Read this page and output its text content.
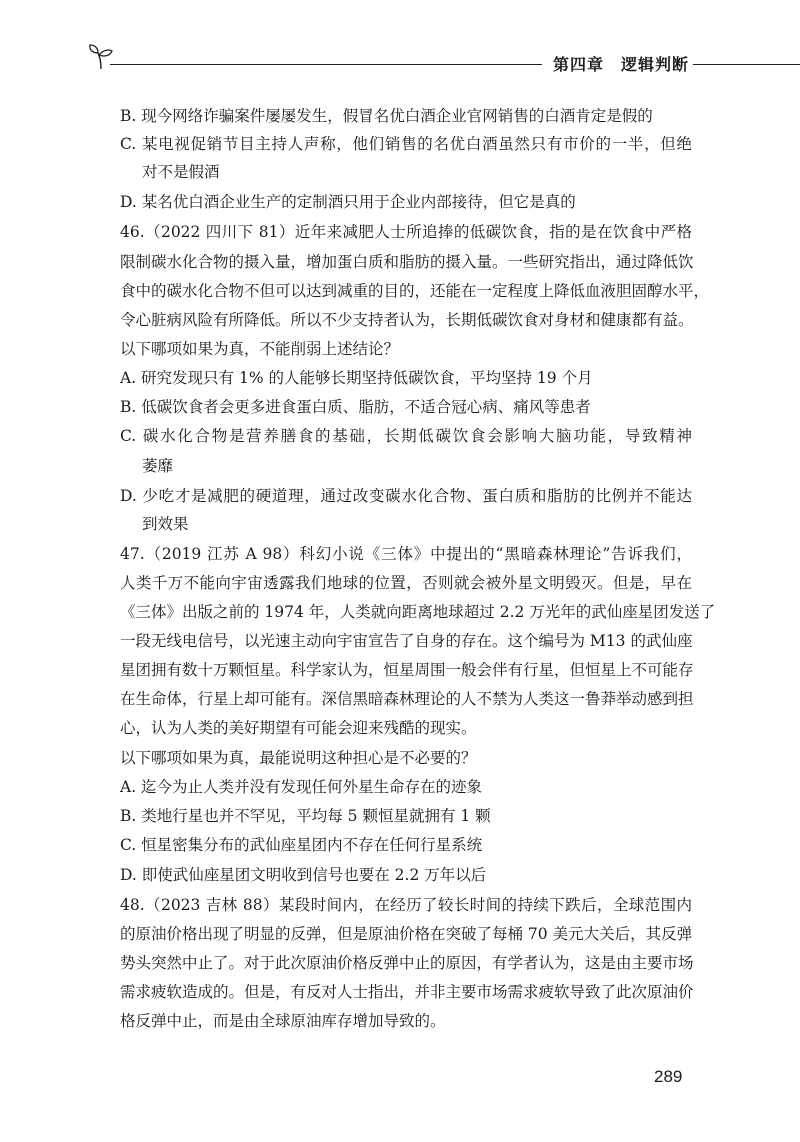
第四章　逻辑判断
B. 现今网络诈骗案件屡屡发生，假冒名优白酒企业官网销售的白酒肯定是假的
C. 某电视促销节目主持人声称，他们销售的名优白酒虽然只有市价的一半，但绝
对不是假酒
D. 某名优白酒企业生产的定制酒只用于企业内部接待，但它是真的
46.（2022 四川下 81）近年来减肥人士所追捧的低碳饮食，指的是在饮食中严格
限制碳水化合物的摄入量，增加蛋白质和脂肪的摄入量。一些研究指出，通过降低饮
食中的碳水化合物不但可以达到减重的目的，还能在一定程度上降低血液胆固醇水平，
令心脏病风险有所降低。所以不少支持者认为，长期低碳饮食对身材和健康都有益。
以下哪项如果为真，不能削弱上述结论？
A. 研究发现只有 1% 的人能够长期坚持低碳饮食，平均坚持 19 个月
B. 低碳饮食者会更多进食蛋白质、脂肪，不适合冠心病、痛风等患者
C. 碳水化合物是营养膳食的基础，长期低碳饮食会影响大脑功能，导致精神
萎靡
D. 少吃才是减肥的硬道理，通过改变碳水化合物、蛋白质和脂肪的比例并不能达
到效果
47.（2019 江苏 A 98）科幻小说《三体》中提出的“黑暗森林理论”告诉我们，
人类千万不能向宇宙透露我们地球的位置，否则就会被外星文明毁灭。但是，早在
《三体》出版之前的 1974 年，人类就向距离地球超过 2.2 万光年的武仙座星团发送了
一段无线电信号，以光速主动向宇宙宣告了自身的存在。这个编号为 M13 的武仙座
星团拥有数十万颗恒星。科学家认为，恒星周围一般会伴有行星，但恒星上不可能存
在生命体，行星上却可能有。深信黑暗森林理论的人不禁为人类这一鲁莽举动感到担
心，认为人类的美好期望有可能会迎来残酷的现实。
以下哪项如果为真，最能说明这种担心是不必要的？
A. 迄今为止人类并没有发现任何外星生命存在的迹象
B. 类地行星也并不罕见，平均每 5 颗恒星就拥有 1 颗
C. 恒星密集分布的武仙座星团内不存在任何行星系统
D. 即使武仙座星团文明收到信号也要在 2.2 万年以后
48.（2023 吉林 88）某段时间内，在经历了较长时间的持续下跌后，全球范围内
的原油价格出现了明显的反弹，但是原油价格在突破了每桶 70 美元大关后，其反弹
势头突然中止了。对于此次原油价格反弹中止的原因，有学者认为，这是由主要市场
需求疲软造成的。但是，有反对人士指出，并非主要市场需求疲软导致了此次原油价
格反弹中止，而是由全球原油库存增加导致的。
289
